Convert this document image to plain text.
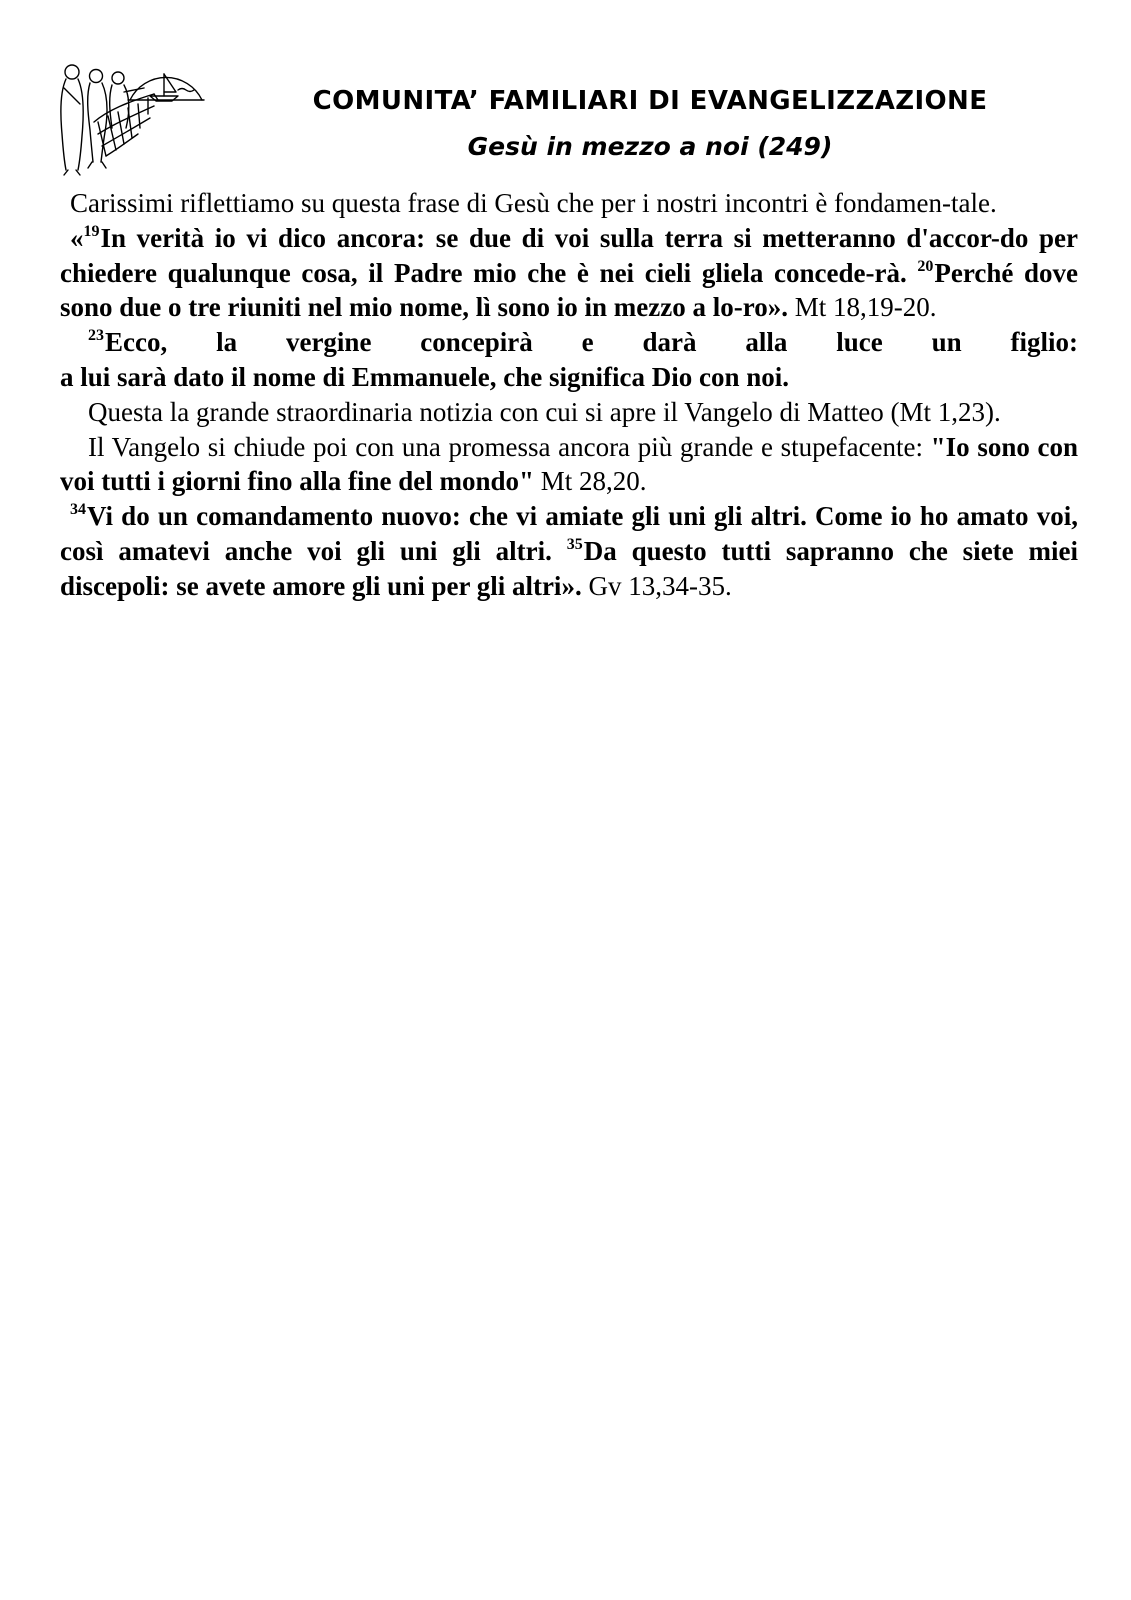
COMUNITA’ FAMILIARI DI EVANGELIZZAZIONE
Gesù in mezzo a noi (249)

Carissimi riflettiamo su questa frase di Gesù che per i nostri incontri è fondamen-tale.

«$^{19}$In verità io vi dico ancora: se due di voi sulla terra si metteranno d'accor-do per chiedere qualunque cosa, il Padre mio che è nei cieli gliela concede-rà. $^{20}$Perché dove sono due o tre riuniti nel mio nome, lì sono io in mezzo a lo-ro». Mt 18,19-20.

$^{23}$Ecco, la vergine concepirà e darà alla luce un figlio:

a lui sarà dato il nome di Emmanuele, che significa Dio con noi.

Questa la grande straordinaria notizia con cui si apre il Vangelo di Matteo (Mt 1,23).

Il Vangelo si chiude poi con una promessa ancora più grande e stupefacente: "Io sono con voi tutti i giorni fino alla fine del mondo" Mt 28,20.

$^{34}$Vi do un comandamento nuovo: che vi amiate gli uni gli altri. Come io ho amato voi, così amatevi anche voi gli uni gli altri. $^{35}$Da questo tutti sapranno che siete miei discepoli: se avete amore gli uni per gli altri». Gv 13,34-35.
